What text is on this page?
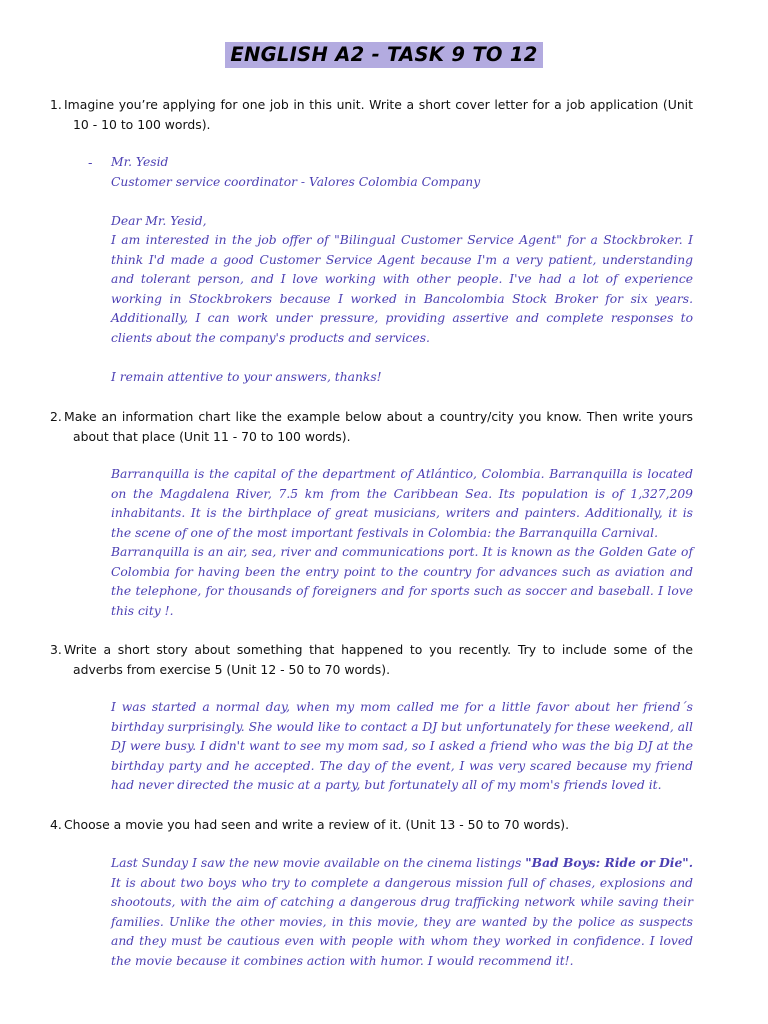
ENGLISH A2 - TASK 9 TO 12
1. Imagine you’re applying for one job in this unit. Write a short cover letter for a job application (Unit 10 - 10 to 100 words).
- Mr. Yesid

Customer service coordinator - Valores Colombia Company

Dear Mr. Yesid,

I am interested in the job offer of "Bilingual Customer Service Agent" for a Stockbroker. I think I'd made a good Customer Service Agent because I'm a very patient, understanding and tolerant person, and I love working with other people. I've had a lot of experience working in Stockbrokers because I worked in Bancolombia Stock Broker for six years. Additionally, I can work under pressure, providing assertive and complete responses to clients about the company's products and services.

I remain attentive to your answers, thanks!

2. Make an information chart like the example below about a country/city you know. Then write yours about that place (Unit 11 - 70 to 100 words).

Barranquilla is the capital of the department of Atlántico, Colombia. Barranquilla is located on the Magdalena River, 7.5 km from the Caribbean Sea. Its population is of 1,327,209 inhabitants. It is the birthplace of great musicians, writers and painters. Additionally, it is the scene of one of the most important festivals in Colombia: the Barranquilla Carnival.

Barranquilla is an air, sea, river and communications port. It is known as the Golden Gate of Colombia for having been the entry point to the country for advances such as aviation and the telephone, for thousands of foreigners and for sports such as soccer and baseball. I love this city !.

3. Write a short story about something that happened to you recently. Try to include some of the adverbs from exercise 5 (Unit 12 - 50 to 70 words).

I was started a normal day, when my mom called me for a little favor about her friend´s birthday surprisingly. She would like to contact a DJ but unfortunately for these weekend, all DJ were busy. I didn't want to see my mom sad, so I asked a friend who was the big DJ at the birthday party and he accepted. The day of the event, I was very scared because my friend had never directed the music at a party, but fortunately all of my mom's friends loved it.

4. Choose a movie you had seen and write a review of it. (Unit 13 - 50 to 70 words).

Last Sunday I saw the new movie available on the cinema listings "Bad Boys: Ride or Die". It is about two boys who try to complete a dangerous mission full of chases, explosions and shootouts, with the aim of catching a dangerous drug trafficking network while saving their families. Unlike the other movies, in this movie, they are wanted by the police as suspects and they must be cautious even with people with whom they worked in confidence. I loved the movie because it combines action with humor. I would recommend it!.
